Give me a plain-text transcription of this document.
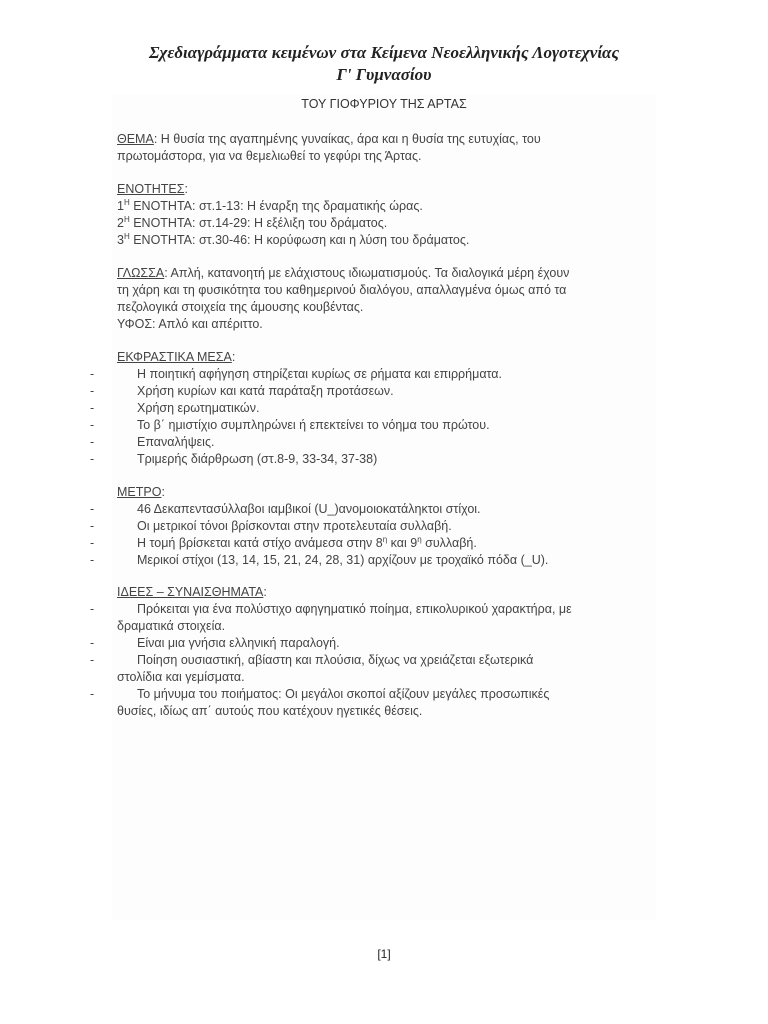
Σχεδιαγράμματα κειμένων στα Κείμενα Νεοελληνικής Λογοτεχνίας
Γ' Γυμνασίου
ΤΟΥ ΓΙΟΦΥΡΙΟΥ ΤΗΣ ΑΡΤΑΣ
ΘΕΜΑ: Η θυσία της αγαπημένης γυναίκας, άρα και η θυσία της ευτυχίας, του
πρωτομάστορα, για να θεμελιωθεί το γεφύρι της Άρτας.
ΕΝΟΤΗΤΕΣ:
$1^H$ ΕΝΟΤΗΤΑ: στ.1-13: Η έναρξη της δραματικής ώρας.
$2^H$ ΕΝΟΤΗΤΑ: στ.14-29: Η εξέλιξη του δράματος.
$3^H$ ΕΝΟΤΗΤΑ: στ.30-46: Η κορύφωση και η λύση του δράματος.
ΓΛΩΣΣΑ: Απλή, κατανοητή με ελάχιστους ιδιωματισμούς. Τα διαλογικά μέρη έχουν
τη χάρη και τη φυσικότητα του καθημερινού διαλόγου, απαλλαγμένα όμως από τα
πεζολογικά στοιχεία της άμουσης κουβέντας.
ΥΦΟΣ: Απλό και απέριττο.
ΕΚΦΡΑΣΤΙΚΑ ΜΕΣΑ:
-	Η ποιητική αφήγηση στηρίζεται κυρίως σε ρήματα και επιρρήματα.
-	Χρήση κυρίων και κατά παράταξη προτάσεων.
-	Χρήση ερωτηματικών.
-	Το β΄ ημιστίχιο συμπληρώνει ή επεκτείνει το νόημα του πρώτου.
-	Επαναλήψεις.
-	Τριμερής διάρθρωση (στ.8-9, 33-34, 37-38)
ΜΕΤΡΟ:
-	46 Δεκαπεντασύλλαβοι ιαμβικοί (U_)ανομοιοκατάληκτοι στίχοι.
-	Οι μετρικοί τόνοι βρίσκονται στην προτελευταία συλλαβή.
-	Η τομή βρίσκεται κατά στίχο ανάμεσα στην $8^\eta$ και $9^\eta$ συλλαβή.
-	Μερικοί στίχοι (13, 14, 15, 21, 24, 28, 31) αρχίζουν με τροχαϊκό πόδα (_U).
ΙΔΕΕΣ – ΣΥΝΑΙΣΘΗΜΑΤΑ:
-	Πρόκειται για ένα πολύστιχο αφηγηματικό ποίημα, επικολυρικού χαρακτήρα, με
δραματικά στοιχεία.
-	Είναι μια γνήσια ελληνική παραλογή.
-	Ποίηση ουσιαστική, αβίαστη και πλούσια, δίχως να χρειάζεται εξωτερικά
στολίδια και γεμίσματα.
-	Το μήνυμα του ποιήματος: Οι μεγάλοι σκοποί αξίζουν μεγάλες προσωπικές
θυσίες, ιδίως απ΄ αυτούς που κατέχουν ηγετικές θέσεις.
[1]
